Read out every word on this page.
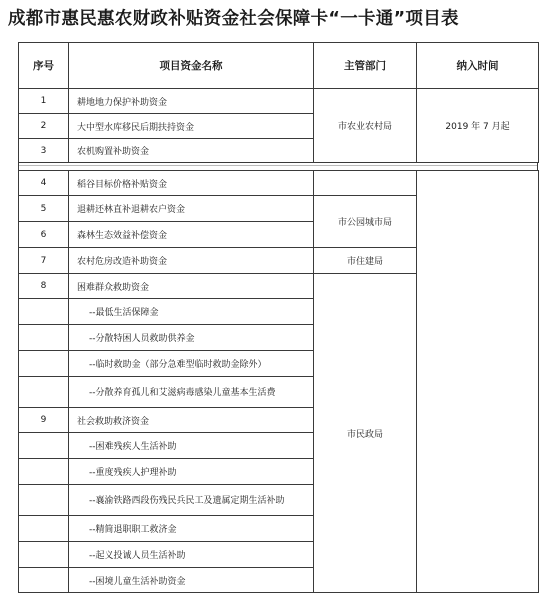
成都市惠民惠农财政补贴资金社会保障卡“一卡通”项目表
序号	项目资金名称	主管部门	纳入时间
1	耕地地力保护补助资金	市农业农村局	2019 年 7 月起
2	大中型水库移民后期扶持资金		
3	农机购置补助资金		
4	稻谷目标价格补贴资金		
5	退耕还林直补退耕农户资金	市公园城市局	
6	森林生态效益补偿资金		
7	农村危房改造补助资金	市住建局	
8	困难群众救助资金	市民政局	
	--最低生活保障金		
	--分散特困人员救助供养金		
	--临时救助金（部分急难型临时救助金除外）		
	--分散养育孤儿和艾滋病毒感染儿童基本生活费		
9	社会救助救济资金		
	--困难残疾人生活补助		
	--重度残疾人护理补助		
	--襄渝铁路西段伤残民兵民工及遗属定期生活补助		
	--精简退职职工救济金		
	--起义投诚人员生活补助		
	--困境儿童生活补助资金		
